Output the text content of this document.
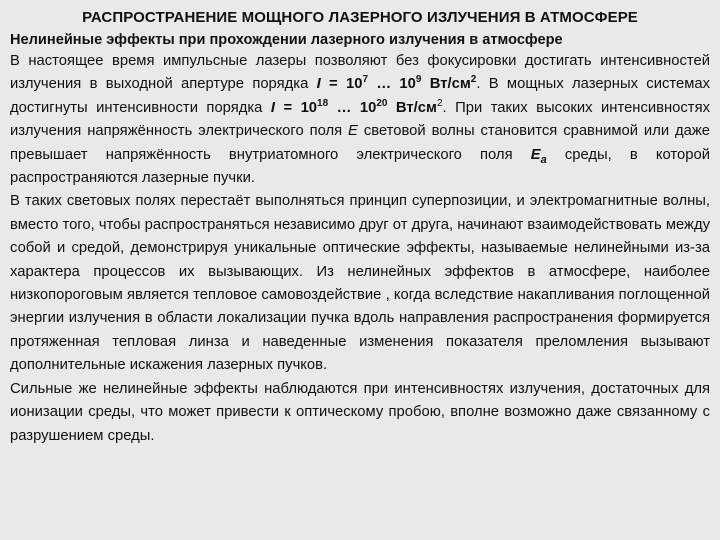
РАСПРОСТРАНЕНИЕ МОЩНОГО ЛАЗЕРНОГО ИЗЛУЧЕНИЯ В АТМОСФЕРЕ
Нелинейные эффекты при прохождении лазерного излучения в атмосфере

В настоящее время импульсные лазеры позволяют без фокусировки достигать интенсивностей излучения в выходной апертуре порядка $I = 10^7$ … $10^9$ $Вт/см^2$. В мощных лазерных системах достигнуты интенсивности порядка $I = 10^{18}$ … $10^{20}$ $Вт/см^2$. При таких высоких интенсивностях излучения напряжённость электрического поля E световой волны становится сравнимой или даже превышает напряжённость внутриатомного электрического поля $E_a$ среды, в которой распространяются лазерные пучки.

В таких световых полях перестаёт выполняться принцип суперпозиции, и электромагнитные волны, вместо того, чтобы распространяться независимо друг от друга, начинают взаимодействовать между собой и средой, демонстрируя уникальные оптические эффекты, называемые нелинейными из-за характера процессов их вызывающих. Из нелинейных эффектов в атмосфере, наиболее низкопороговым является тепловое самовоздействие , когда вследствие накапливания поглощенной энергии излучения в области локализации пучка вдоль направления распространения формируется протяженная тепловая линза и наведенные изменения показателя преломления вызывают дополнительные искажения лазерных пучков.

Сильные же нелинейные эффекты наблюдаются при интенсивностях излучения, достаточных для ионизации среды, что может привести к оптическому пробою, вполне возможно даже связанному с разрушением среды.
